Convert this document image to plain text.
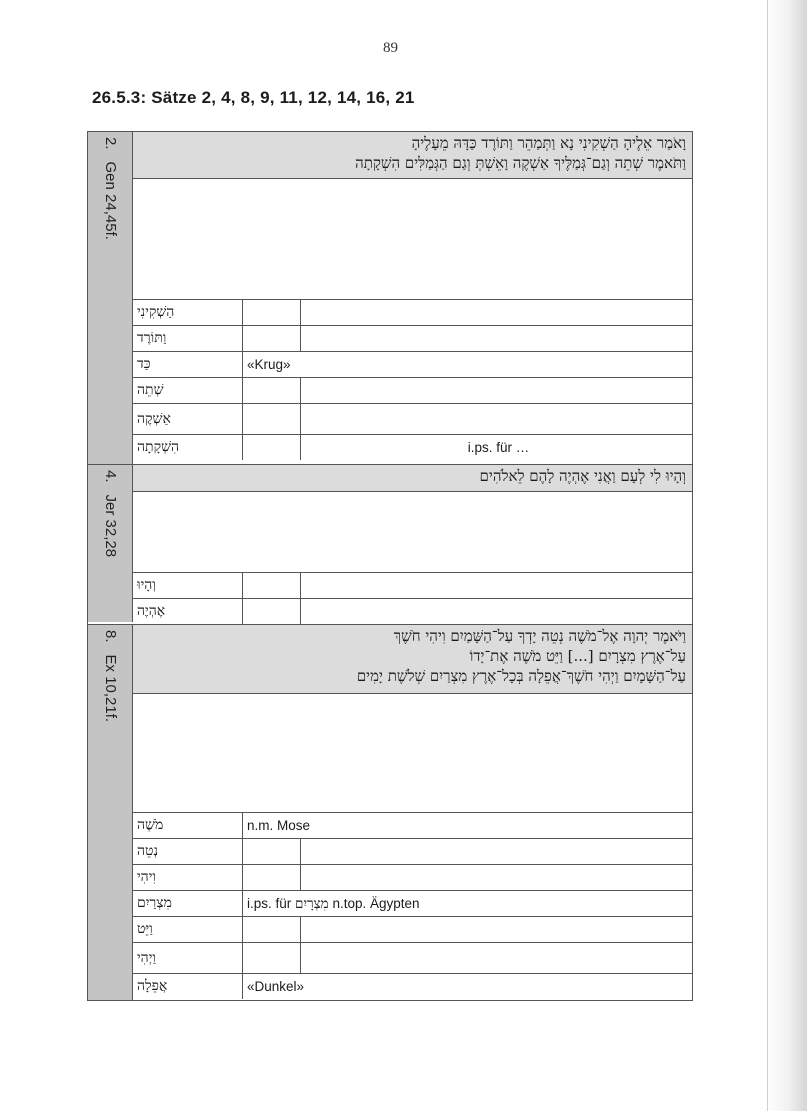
89
26.5.3: Sätze 2, 4, 8, 9, 11, 12, 14, 16, 21
2.Gen 24,45f.
וָאֹמַר אֵלֶיהָ הַשְׁקִינִי נָא וַתְּמַהֵר וַתּוֹרֶד כַּדָּהּ מֵעָלֶיהָ
וַתֹּאמֶר שְׁתֵה וְגַם־גְּמַלֶּיךָ אַשְׁקֶה וָאֵשְׁתְּ וְגַם הַגְּמַלִּים הִשְׁקָתָה
הַשְׁקִינִי
וַתּוֹרֶד
כַּד	«Krug»
שְׁתֵה
אַשְׁקֶה
הִשְׁקָתָה	i.ps. für …
4.Jer 32,28
וְהָיוּ לִי לְעָם וַאֲנִי אֶהְיֶה לָהֶם לֵאלֹהִים
וְהָיוּ
אֶהְיֶה
8.Ex 10,21f.
וַיֹּאמֶר יְהוָה אֶל־מֹשֶׁה נְטֵה יָדְךָ עַל־הַשָּׁמַיִם וִיהִי חֹשֶׁךְ
עַל־אֶרֶץ מִצְרָיִם [...] וַיֵּט מֹשֶׁה אֶת־יָדוֹ
עַל־הַשָּׁמָיִם וַיְהִי חֹשֶׁךְ־אֲפֵלָה בְּכָל־אֶרֶץ מִצְרַיִם שְׁלֹשֶׁת יָמִים
מֹשֶׁה	n.m. Mose
נְטֵה
וִיהִי
מִצְרַיִם	i.ps. für מִצְרָיִם n.top. Ägypten
וַיֵּט
וַיְהִי
אֲפֵלָה	«Dunkel»
